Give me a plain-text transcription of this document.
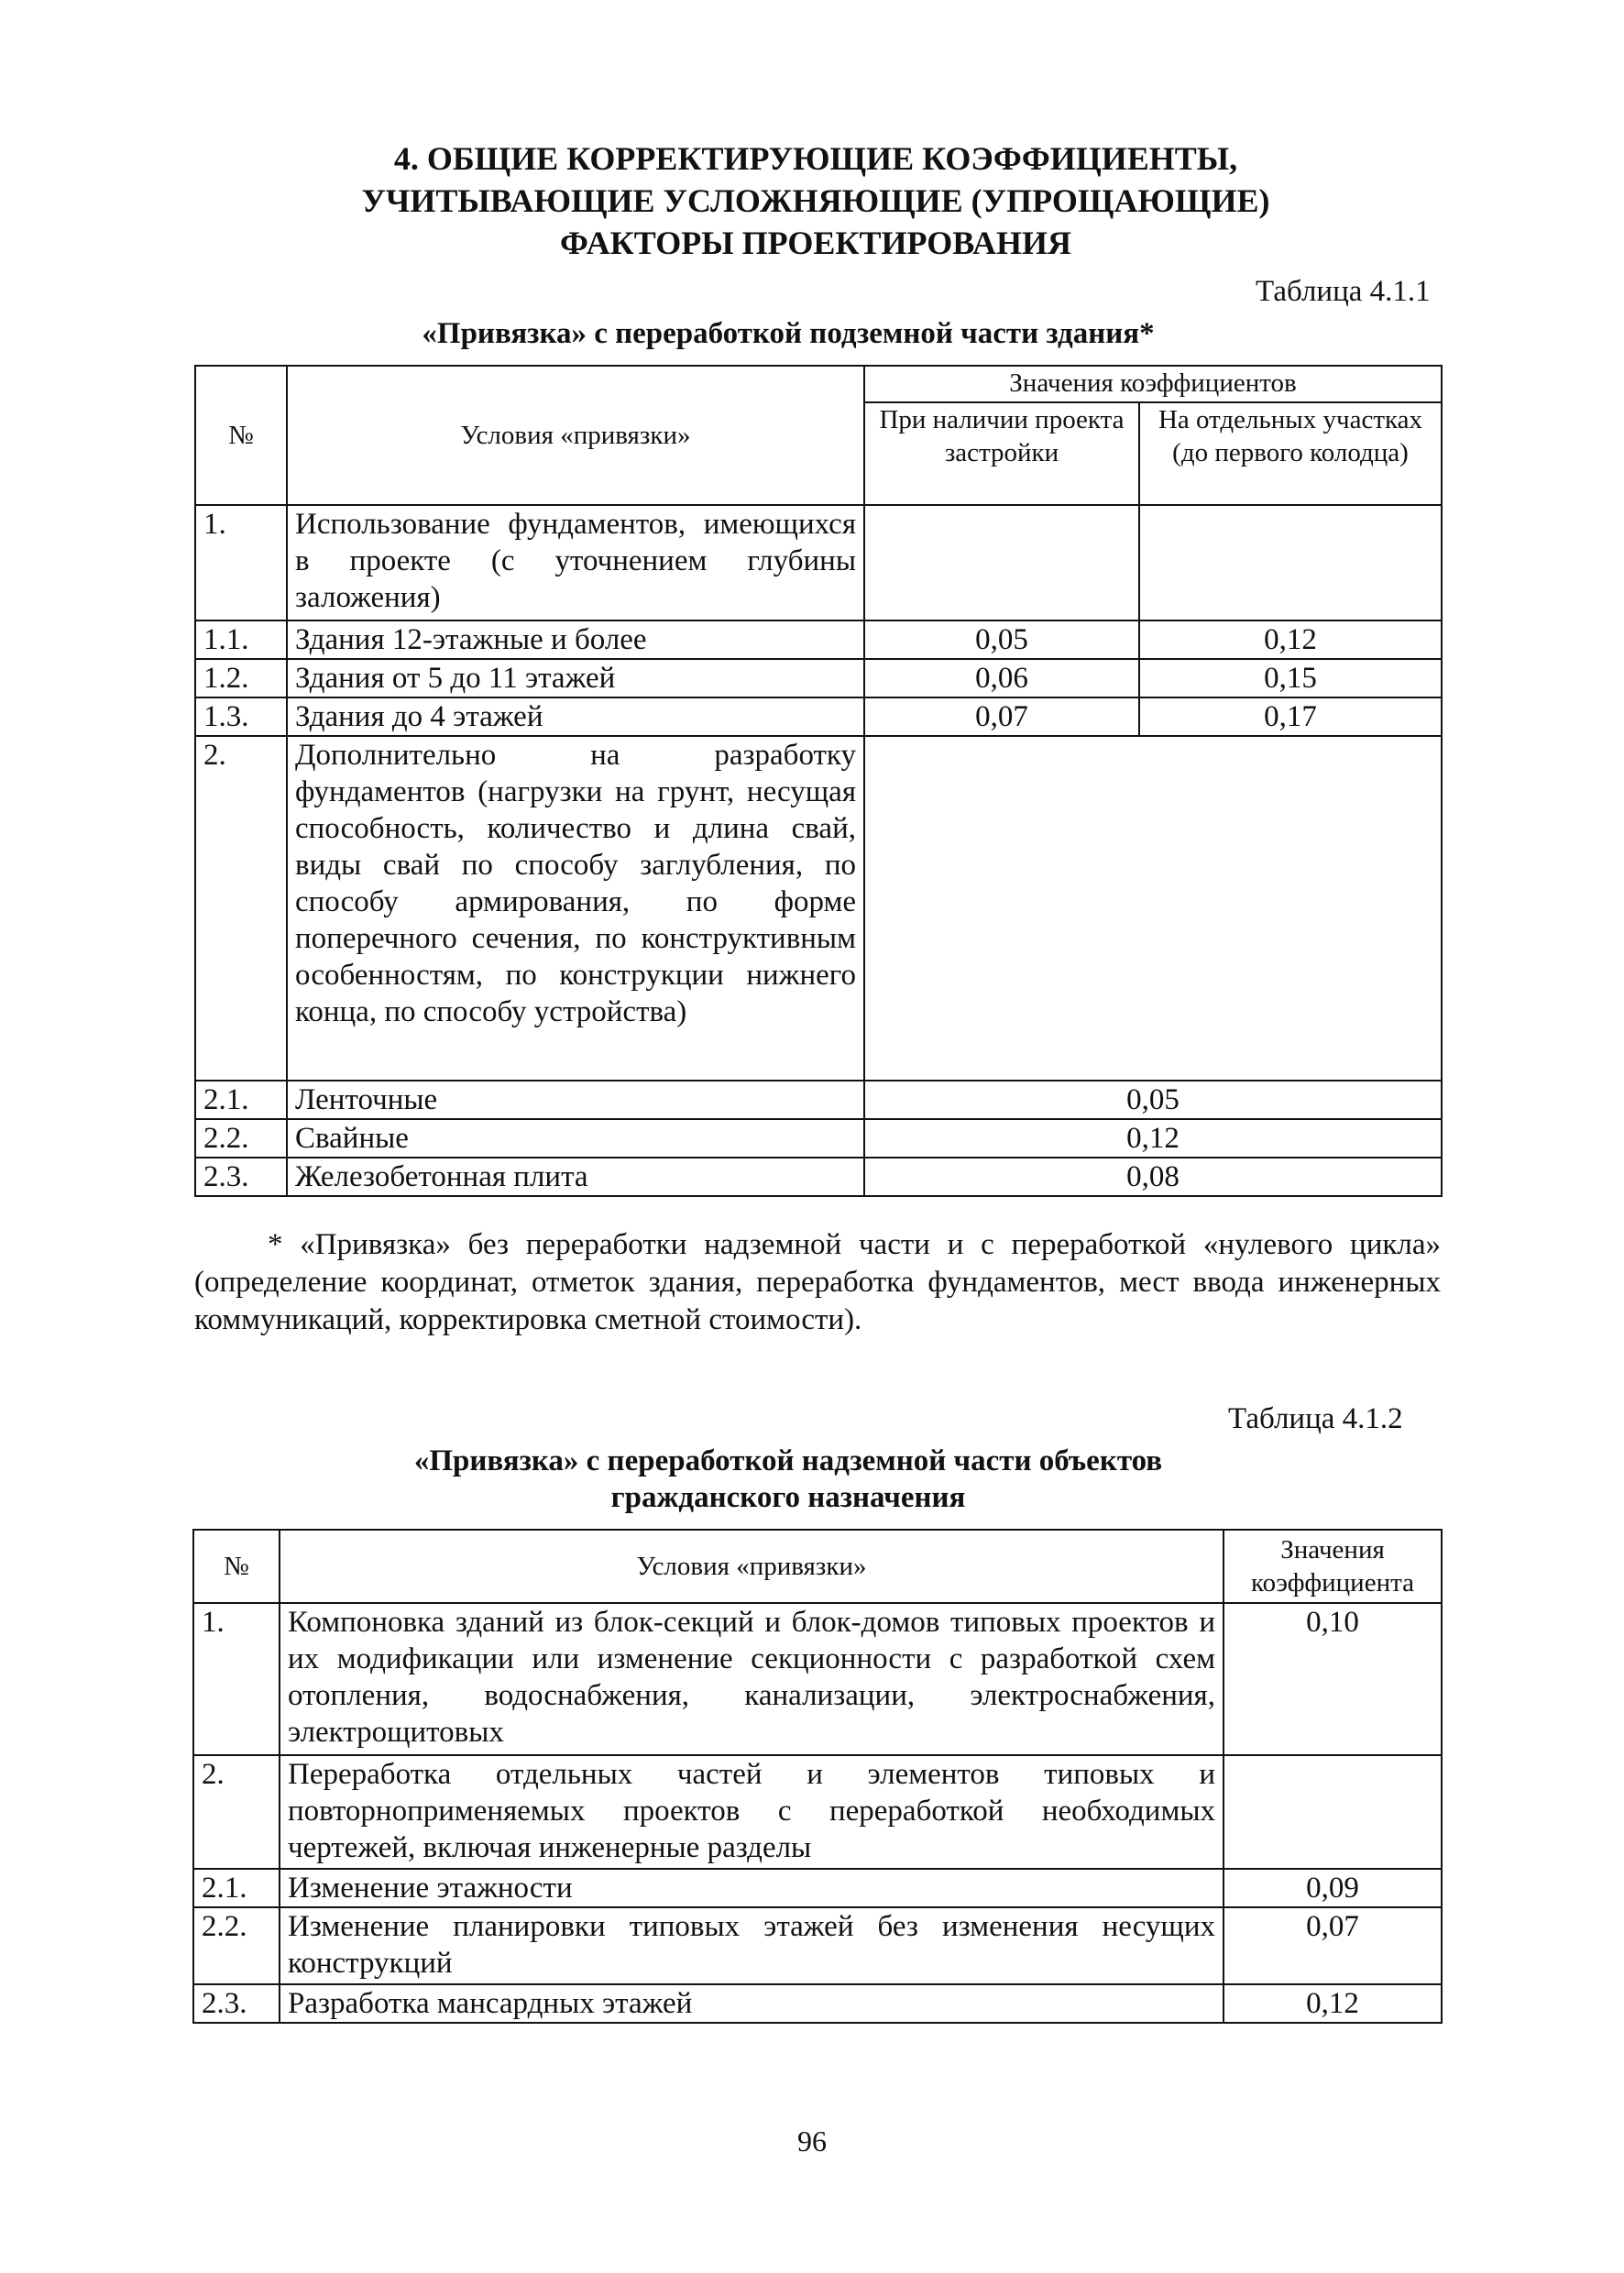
4. ОБЩИЕ КОРРЕКТИРУЮЩИЕ КОЭФФИЦИЕНТЫ,
УЧИТЫВАЮЩИЕ УСЛОЖНЯЮЩИЕ (УПРОЩАЮЩИЕ)
ФАКТОРЫ ПРОЕКТИРОВАНИЯ
Таблица 4.1.1
«Привязка» с переработкой подземной части здания*
№	Условия «привязки»	Значения коэффициентов	
		При наличии проекта застройки	На отдельных участках (до первого колодца)
1.	Использование фундаментов, имеющихся в проекте (с уточнением глубины заложения)		
1.1.	Здания 12-этажные и более	0,05	0,12
1.2.	Здания от 5 до 11 этажей	0,06	0,15
1.3.	Здания до 4 этажей	0,07	0,17
2.	Дополнительно на разработку фундаментов (нагрузки на грунт, несущая способность, количество и длина свай, виды свай по способу заглубления, по способу армирования, по форме поперечного сечения, по конструктивным особенностям, по конструкции нижнего конца, по способу устройства)		
2.1.	Ленточные	0,05	
2.2.	Свайные	0,12	
2.3.	Железобетонная плита	0,08	
* «Привязка» без переработки надземной части и с переработкой «нулевого цикла» (определение координат, отметок здания, переработка фундаментов, мест ввода инженерных коммуникаций, корректировка сметной стоимости).
Таблица 4.1.2
«Привязка» с переработкой надземной части объектов
гражданского назначения
№	Условия «привязки»	Значения коэффициента
1.	Компоновка зданий из блок-секций и блок-домов типовых проектов и их модификации или изменение секционности с разработкой схем отопления, водоснабжения, канализации, электроснабжения, электрощитовых	0,10
2.	Переработка отдельных частей и элементов типовых и повторноприменяемых проектов с переработкой необходимых чертежей, включая инженерные разделы	
2.1.	Изменение этажности	0,09
2.2.	Изменение планировки типовых этажей без изменения несущих конструкций	0,07
2.3.	Разработка мансардных этажей	0,12
96
